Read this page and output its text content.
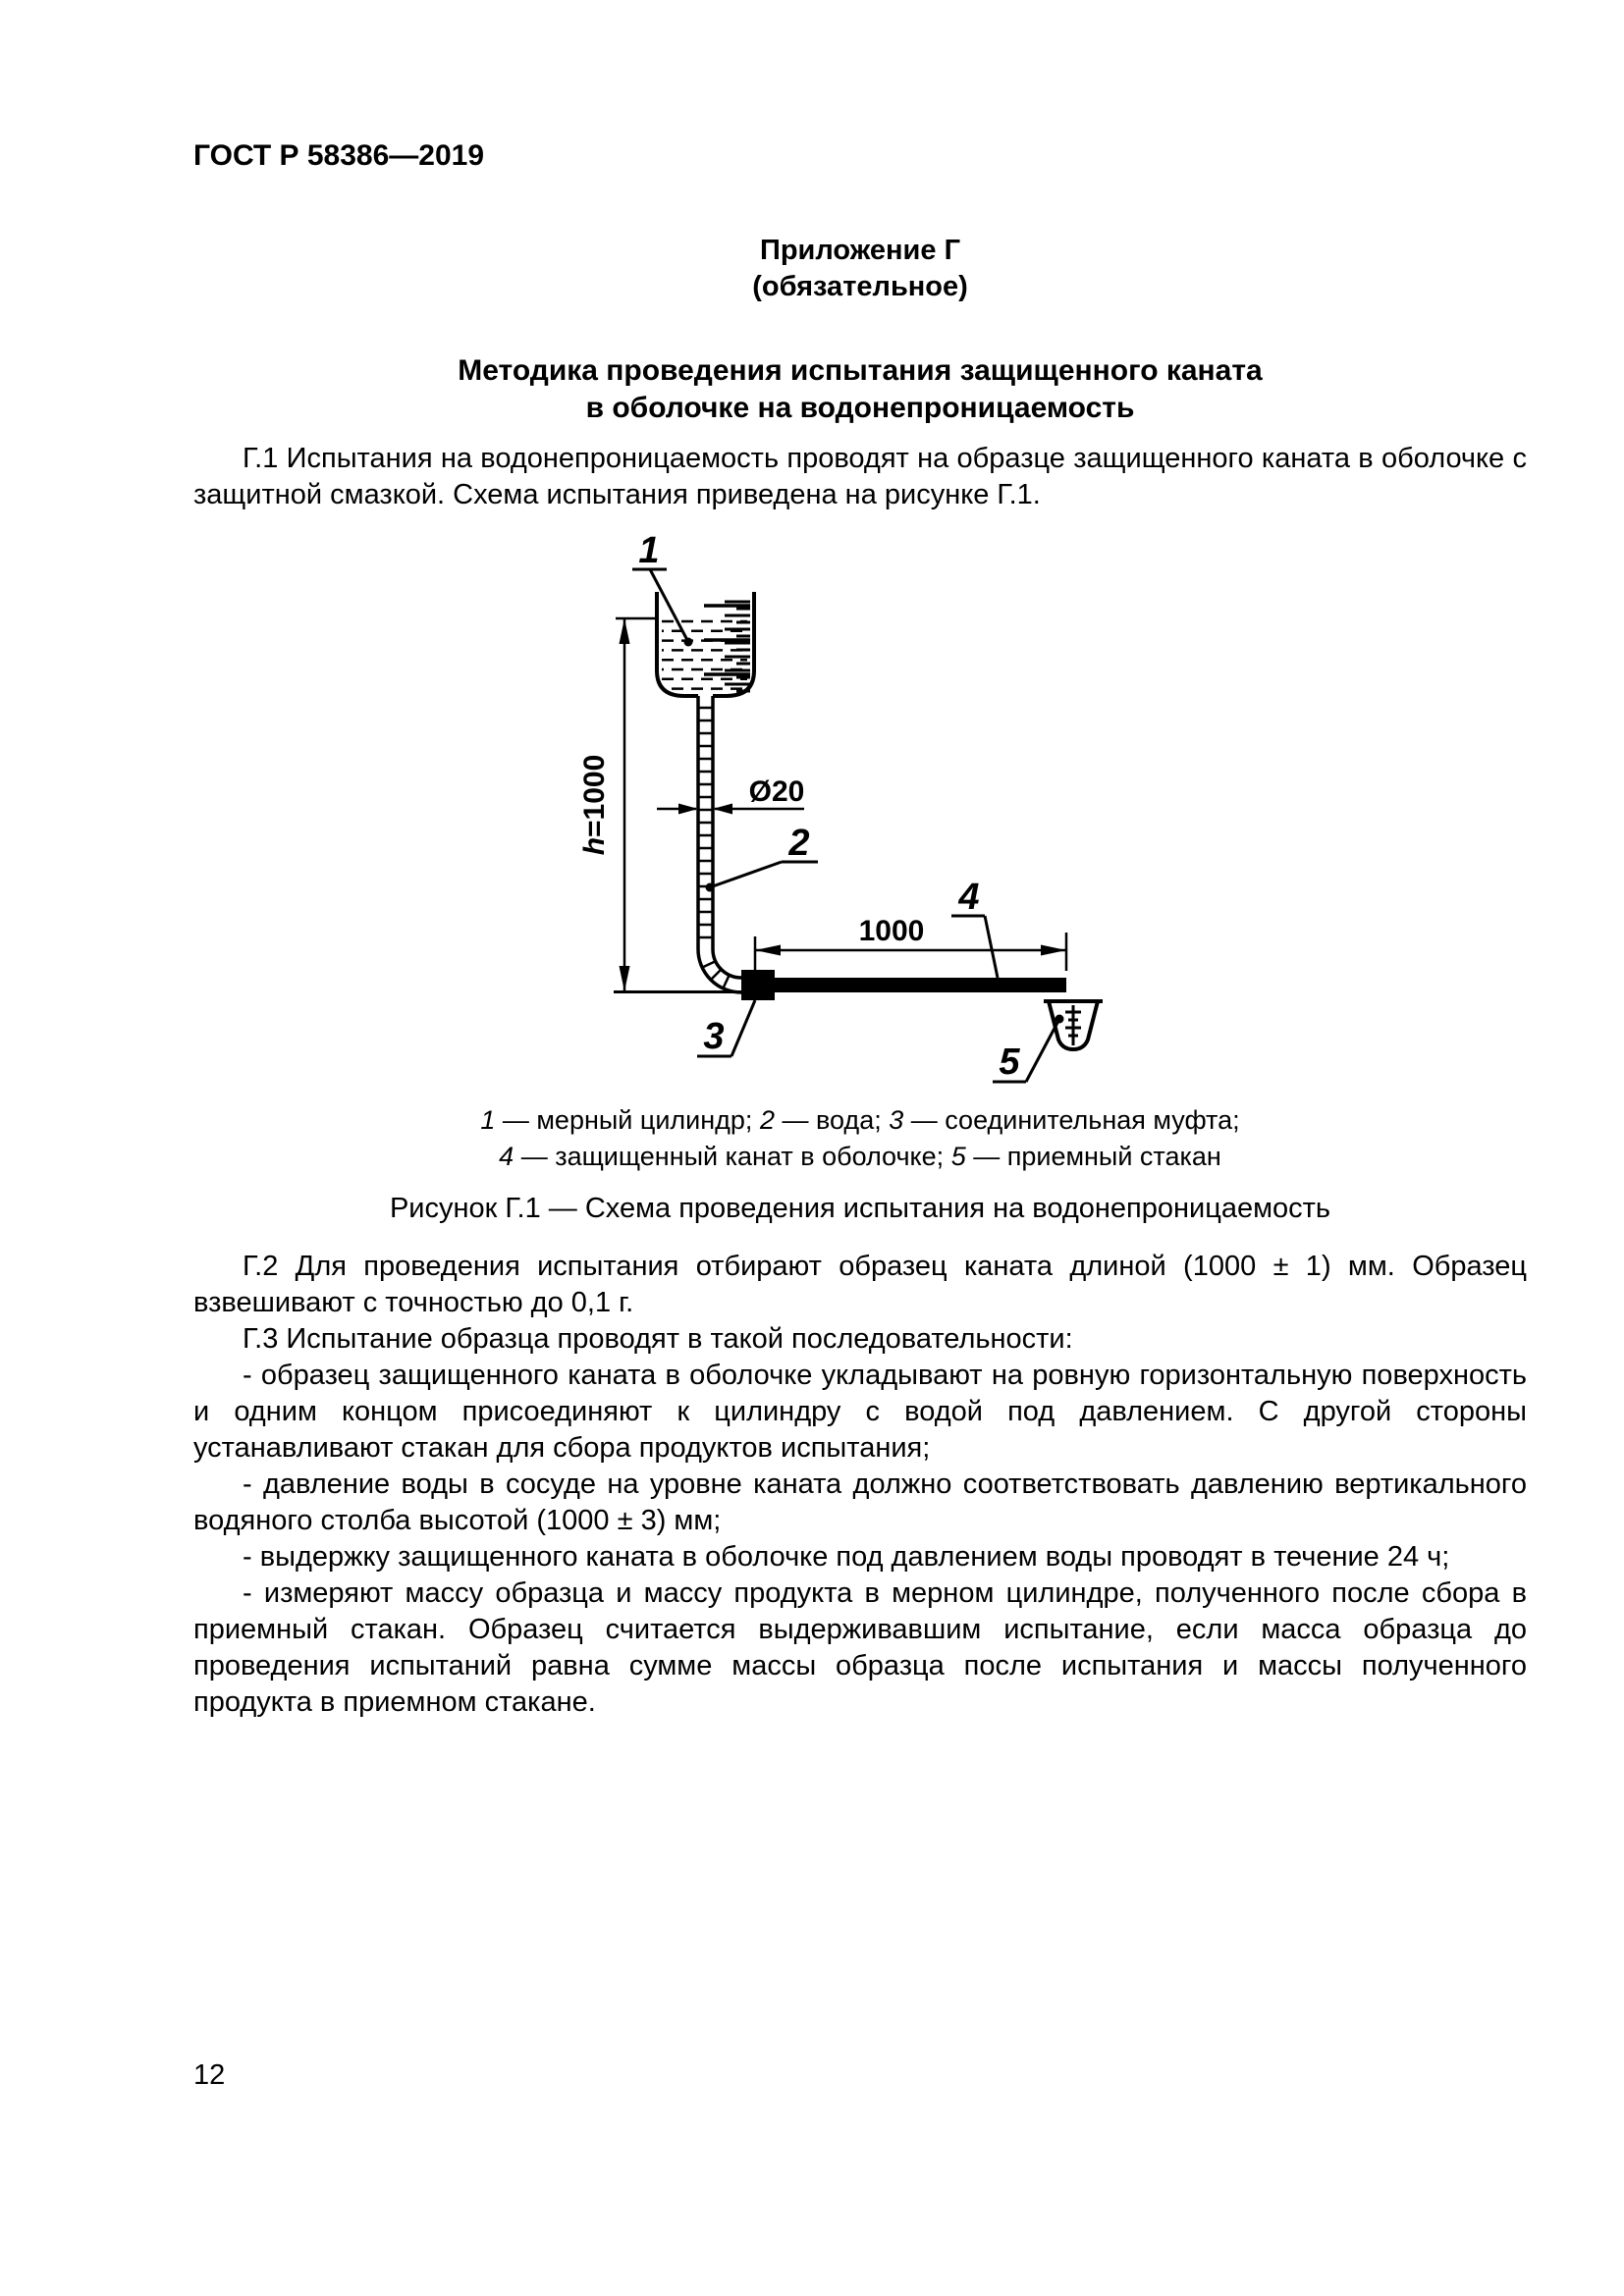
ГОСТ Р 58386—2019
Приложение Г
(обязательное)
Методика проведения испытания защищенного каната
в оболочке на водонепроницаемость

Г.1 Испытания на водонепроницаемость проводят на образце защищенного каната в оболочке с защитной смазкой. Схема испытания приведена на рисунке Г.1.

h=1000	Ø20
1000
1
2
3
4
5
1 — мерный цилиндр; 2 — вода; 3 — соединительная муфта;
4 — защищенный канат в оболочке; 5 — приемный стакан

Рисунок Г.1 — Схема проведения испытания на водонепроницаемость

Г.2 Для проведения испытания отбирают образец каната длиной (1000 ± 1) мм. Образец взвешивают с точностью до 0,1 г.

Г.3 Испытание образца проводят в такой последовательности:

- образец защищенного каната в оболочке укладывают на ровную горизонтальную поверхность и одним концом присоединяют к цилиндру с водой под давлением. С другой стороны устанавливают стакан для сбора продуктов испытания;

- давление воды в сосуде на уровне каната должно соответствовать давлению вертикального водяного столба высотой (1000 ± 3) мм;

- выдержку защищенного каната в оболочке под давлением воды проводят в течение 24 ч;

- измеряют массу образца и массу продукта в мерном цилиндре, полученного после сбора в приемный стакан. Образец считается выдерживавшим испытание, если масса образца до проведения испытаний равна сумме массы образца после испытания и массы полученного продукта в приемном стакане.

12
